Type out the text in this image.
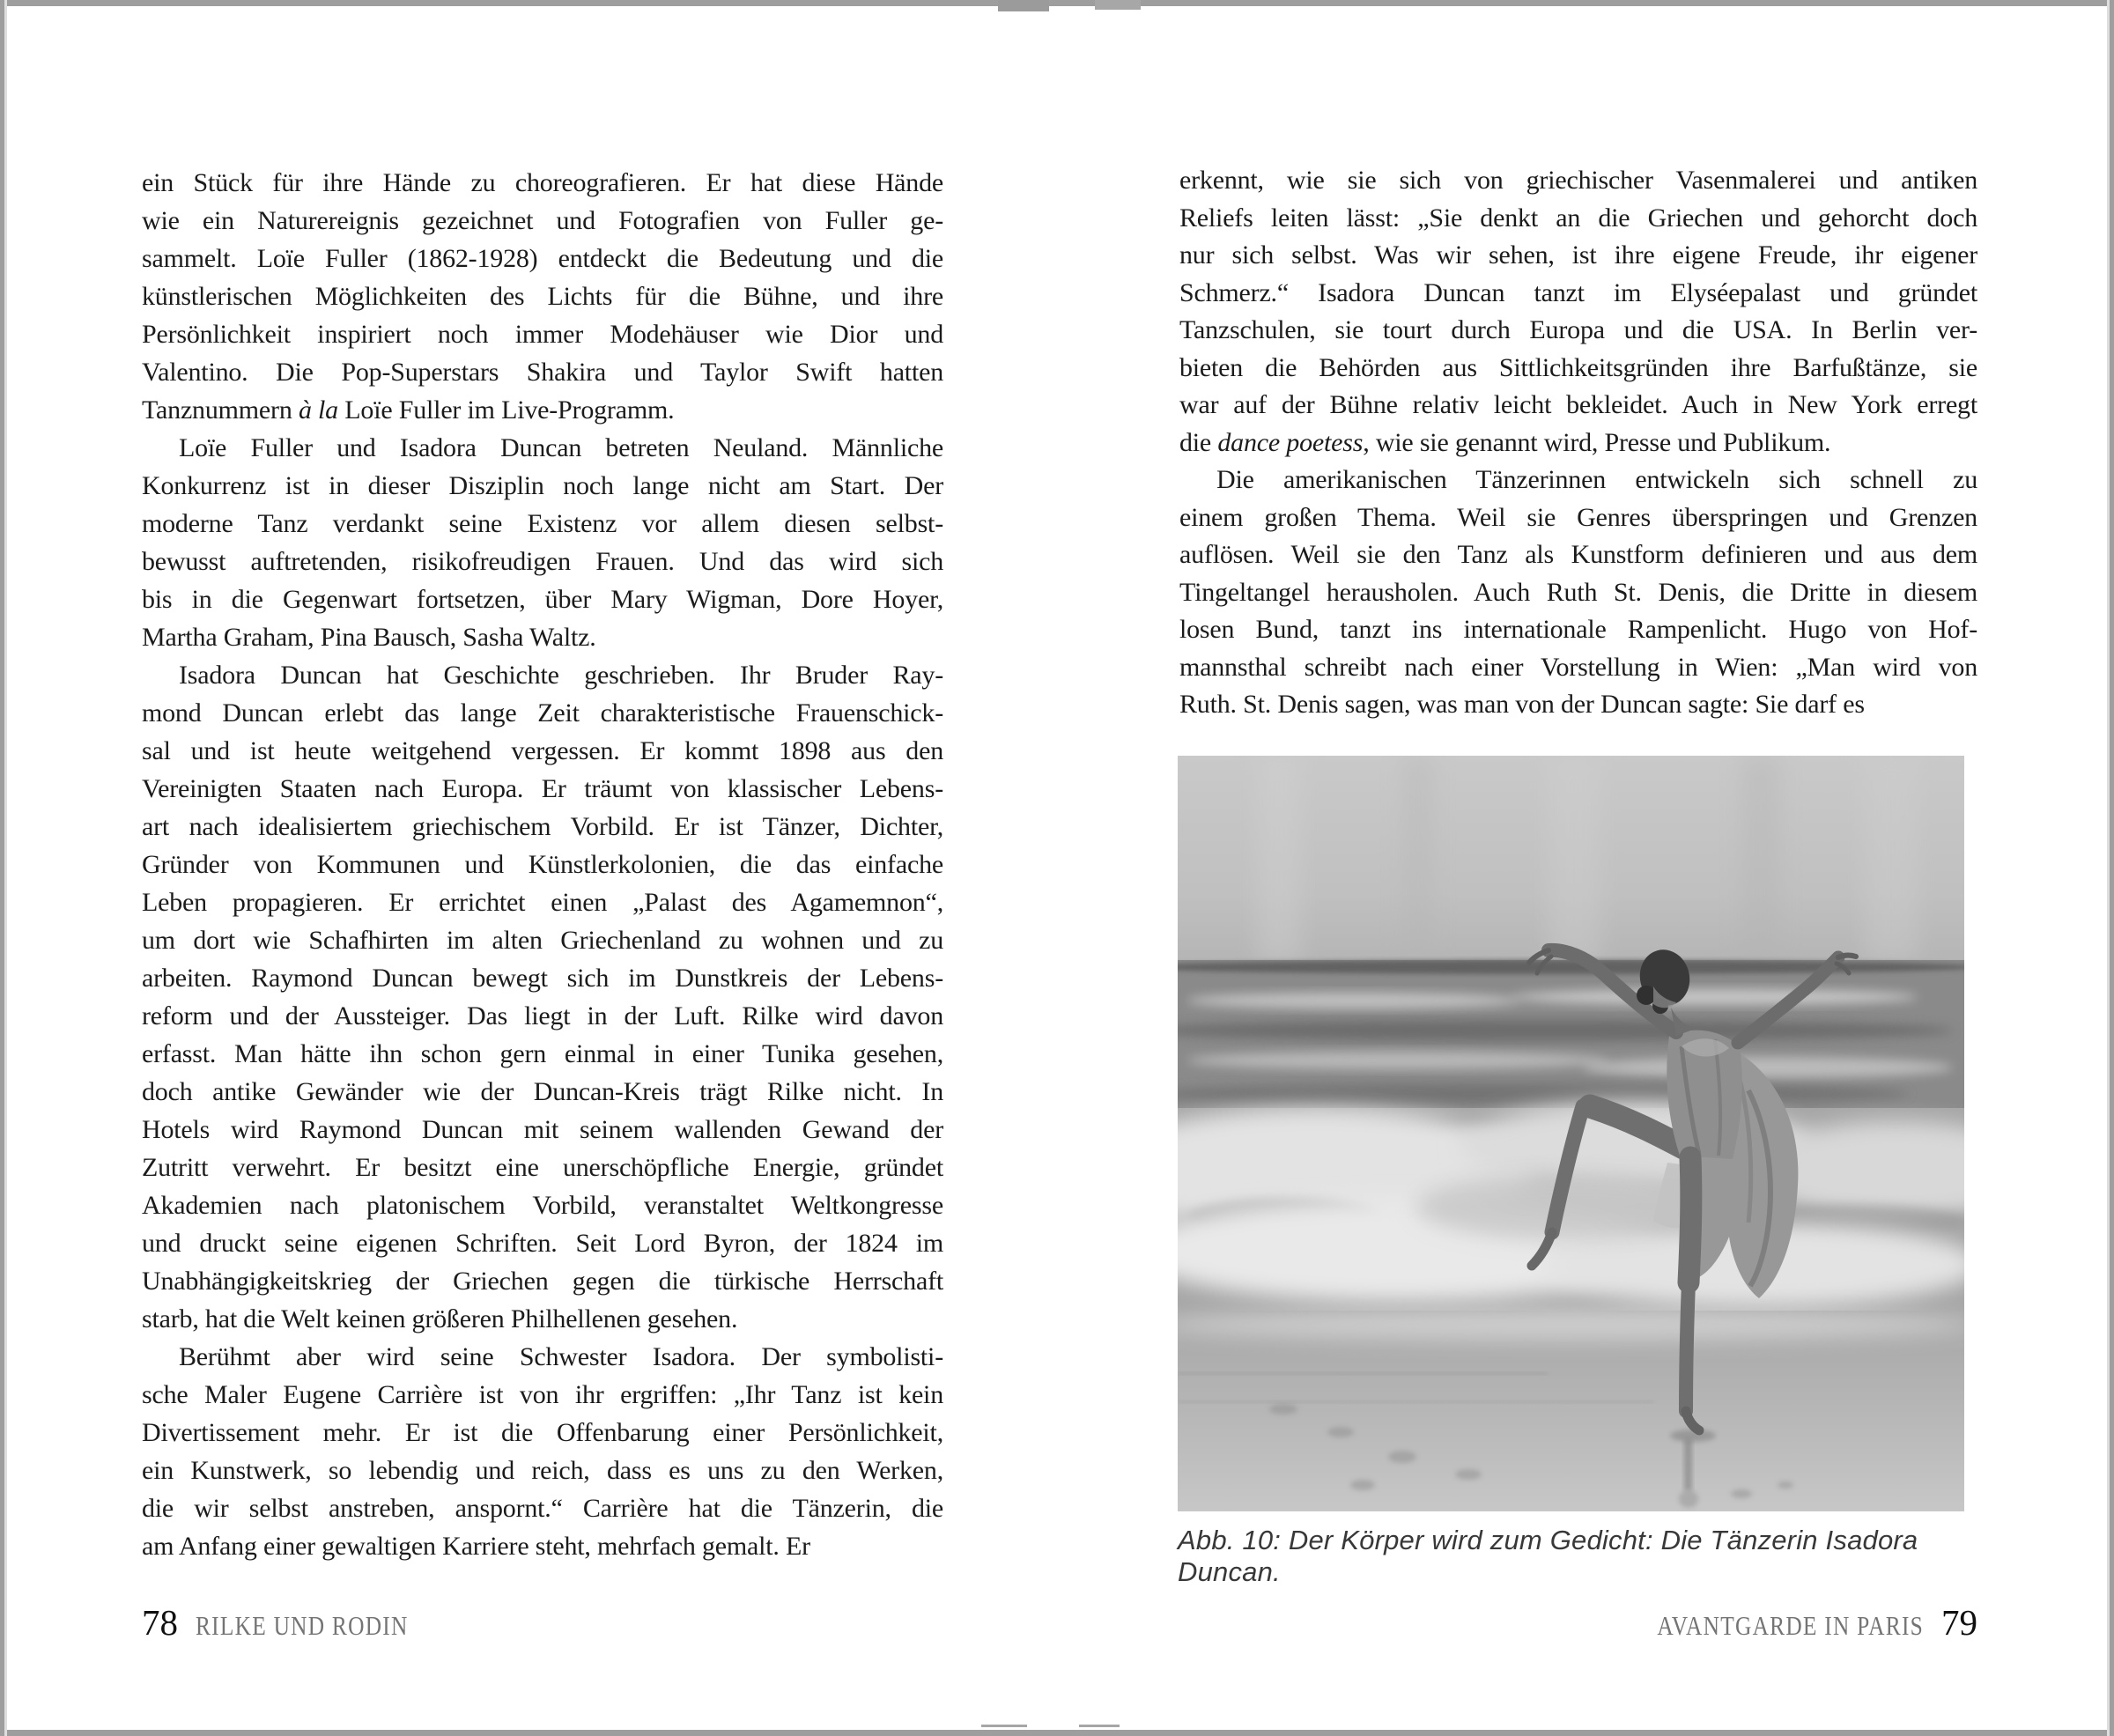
ein Stück für ihre Hände zu choreografieren. Er hat diese Hände
wie ein Naturereignis gezeichnet und Fotografien von Fuller ge-
sammelt. Loïe Fuller (1862-1928) entdeckt die Bedeutung und die
künstlerischen Möglichkeiten des Lichts für die Bühne, und ihre
Persönlichkeit inspiriert noch immer Modehäuser wie Dior und
Valentino. Die Pop-Superstars Shakira und Taylor Swift hatten
Tanznummern à la Loïe Fuller im Live-Programm.
Loïe Fuller und Isadora Duncan betreten Neuland. Männliche
Konkurrenz ist in dieser Disziplin noch lange nicht am Start. Der
moderne Tanz verdankt seine Existenz vor allem diesen selbst-
bewusst auftretenden, risikofreudigen Frauen. Und das wird sich
bis in die Gegenwart fortsetzen, über Mary Wigman, Dore Hoyer,
Martha Graham, Pina Bausch, Sasha Waltz.
Isadora Duncan hat Geschichte geschrieben. Ihr Bruder Ray-
mond Duncan erlebt das lange Zeit charakteristische Frauenschick-
sal und ist heute weitgehend vergessen. Er kommt 1898 aus den
Vereinigten Staaten nach Europa. Er träumt von klassischer Lebens-
art nach idealisiertem griechischem Vorbild. Er ist Tänzer, Dichter,
Gründer von Kommunen und Künstlerkolonien, die das einfache
Leben propagieren. Er errichtet einen „Palast des Agamemnon“,
um dort wie Schafhirten im alten Griechenland zu wohnen und zu
arbeiten. Raymond Duncan bewegt sich im Dunstkreis der Lebens-
reform und der Aussteiger. Das liegt in der Luft. Rilke wird davon
erfasst. Man hätte ihn schon gern einmal in einer Tunika gesehen,
doch antike Gewänder wie der Duncan-Kreis trägt Rilke nicht. In
Hotels wird Raymond Duncan mit seinem wallenden Gewand der
Zutritt verwehrt. Er besitzt eine unerschöpfliche Energie, gründet
Akademien nach platonischem Vorbild, veranstaltet Weltkongresse
und druckt seine eigenen Schriften. Seit Lord Byron, der 1824 im
Unabhängigkeitskrieg der Griechen gegen die türkische Herrschaft
starb, hat die Welt keinen größeren Philhellenen gesehen.
Berühmt aber wird seine Schwester Isadora. Der symbolisti-
sche Maler Eugene Carrière ist von ihr ergriffen: „Ihr Tanz ist kein
Divertissement mehr. Er ist die Offenbarung einer Persönlichkeit,
ein Kunstwerk, so lebendig und reich, dass es uns zu den Werken,
die wir selbst anstreben, anspornt.“ Carrière hat die Tänzerin, die
am Anfang einer gewaltigen Karriere steht, mehrfach gemalt. Er
78 RILKE UND RODIN
erkennt, wie sie sich von griechischer Vasenmalerei und antiken
Reliefs leiten lässt: „Sie denkt an die Griechen und gehorcht doch
nur sich selbst. Was wir sehen, ist ihre eigene Freude, ihr eigener
Schmerz.“ Isadora Duncan tanzt im Elyséepalast und gründet
Tanzschulen, sie tourt durch Europa und die USA. In Berlin ver-
bieten die Behörden aus Sittlichkeitsgründen ihre Barfußtänze, sie
war auf der Bühne relativ leicht bekleidet. Auch in New York erregt
die dance poetess, wie sie genannt wird, Presse und Publikum.
Die amerikanischen Tänzerinnen entwickeln sich schnell zu
einem großen Thema. Weil sie Genres überspringen und Grenzen
auflösen. Weil sie den Tanz als Kunstform definieren und aus dem
Tingeltangel herausholen. Auch Ruth St. Denis, die Dritte in diesem
losen Bund, tanzt ins internationale Rampenlicht. Hugo von Hof-
mannsthal schreibt nach einer Vorstellung in Wien: „Man wird von
Ruth. St. Denis sagen, was man von der Duncan sagte: Sie darf es
Abb. 10: Der Körper wird zum Gedicht: Die Tänzerin Isadora Duncan.
AVANTGARDE IN PARIS 79
